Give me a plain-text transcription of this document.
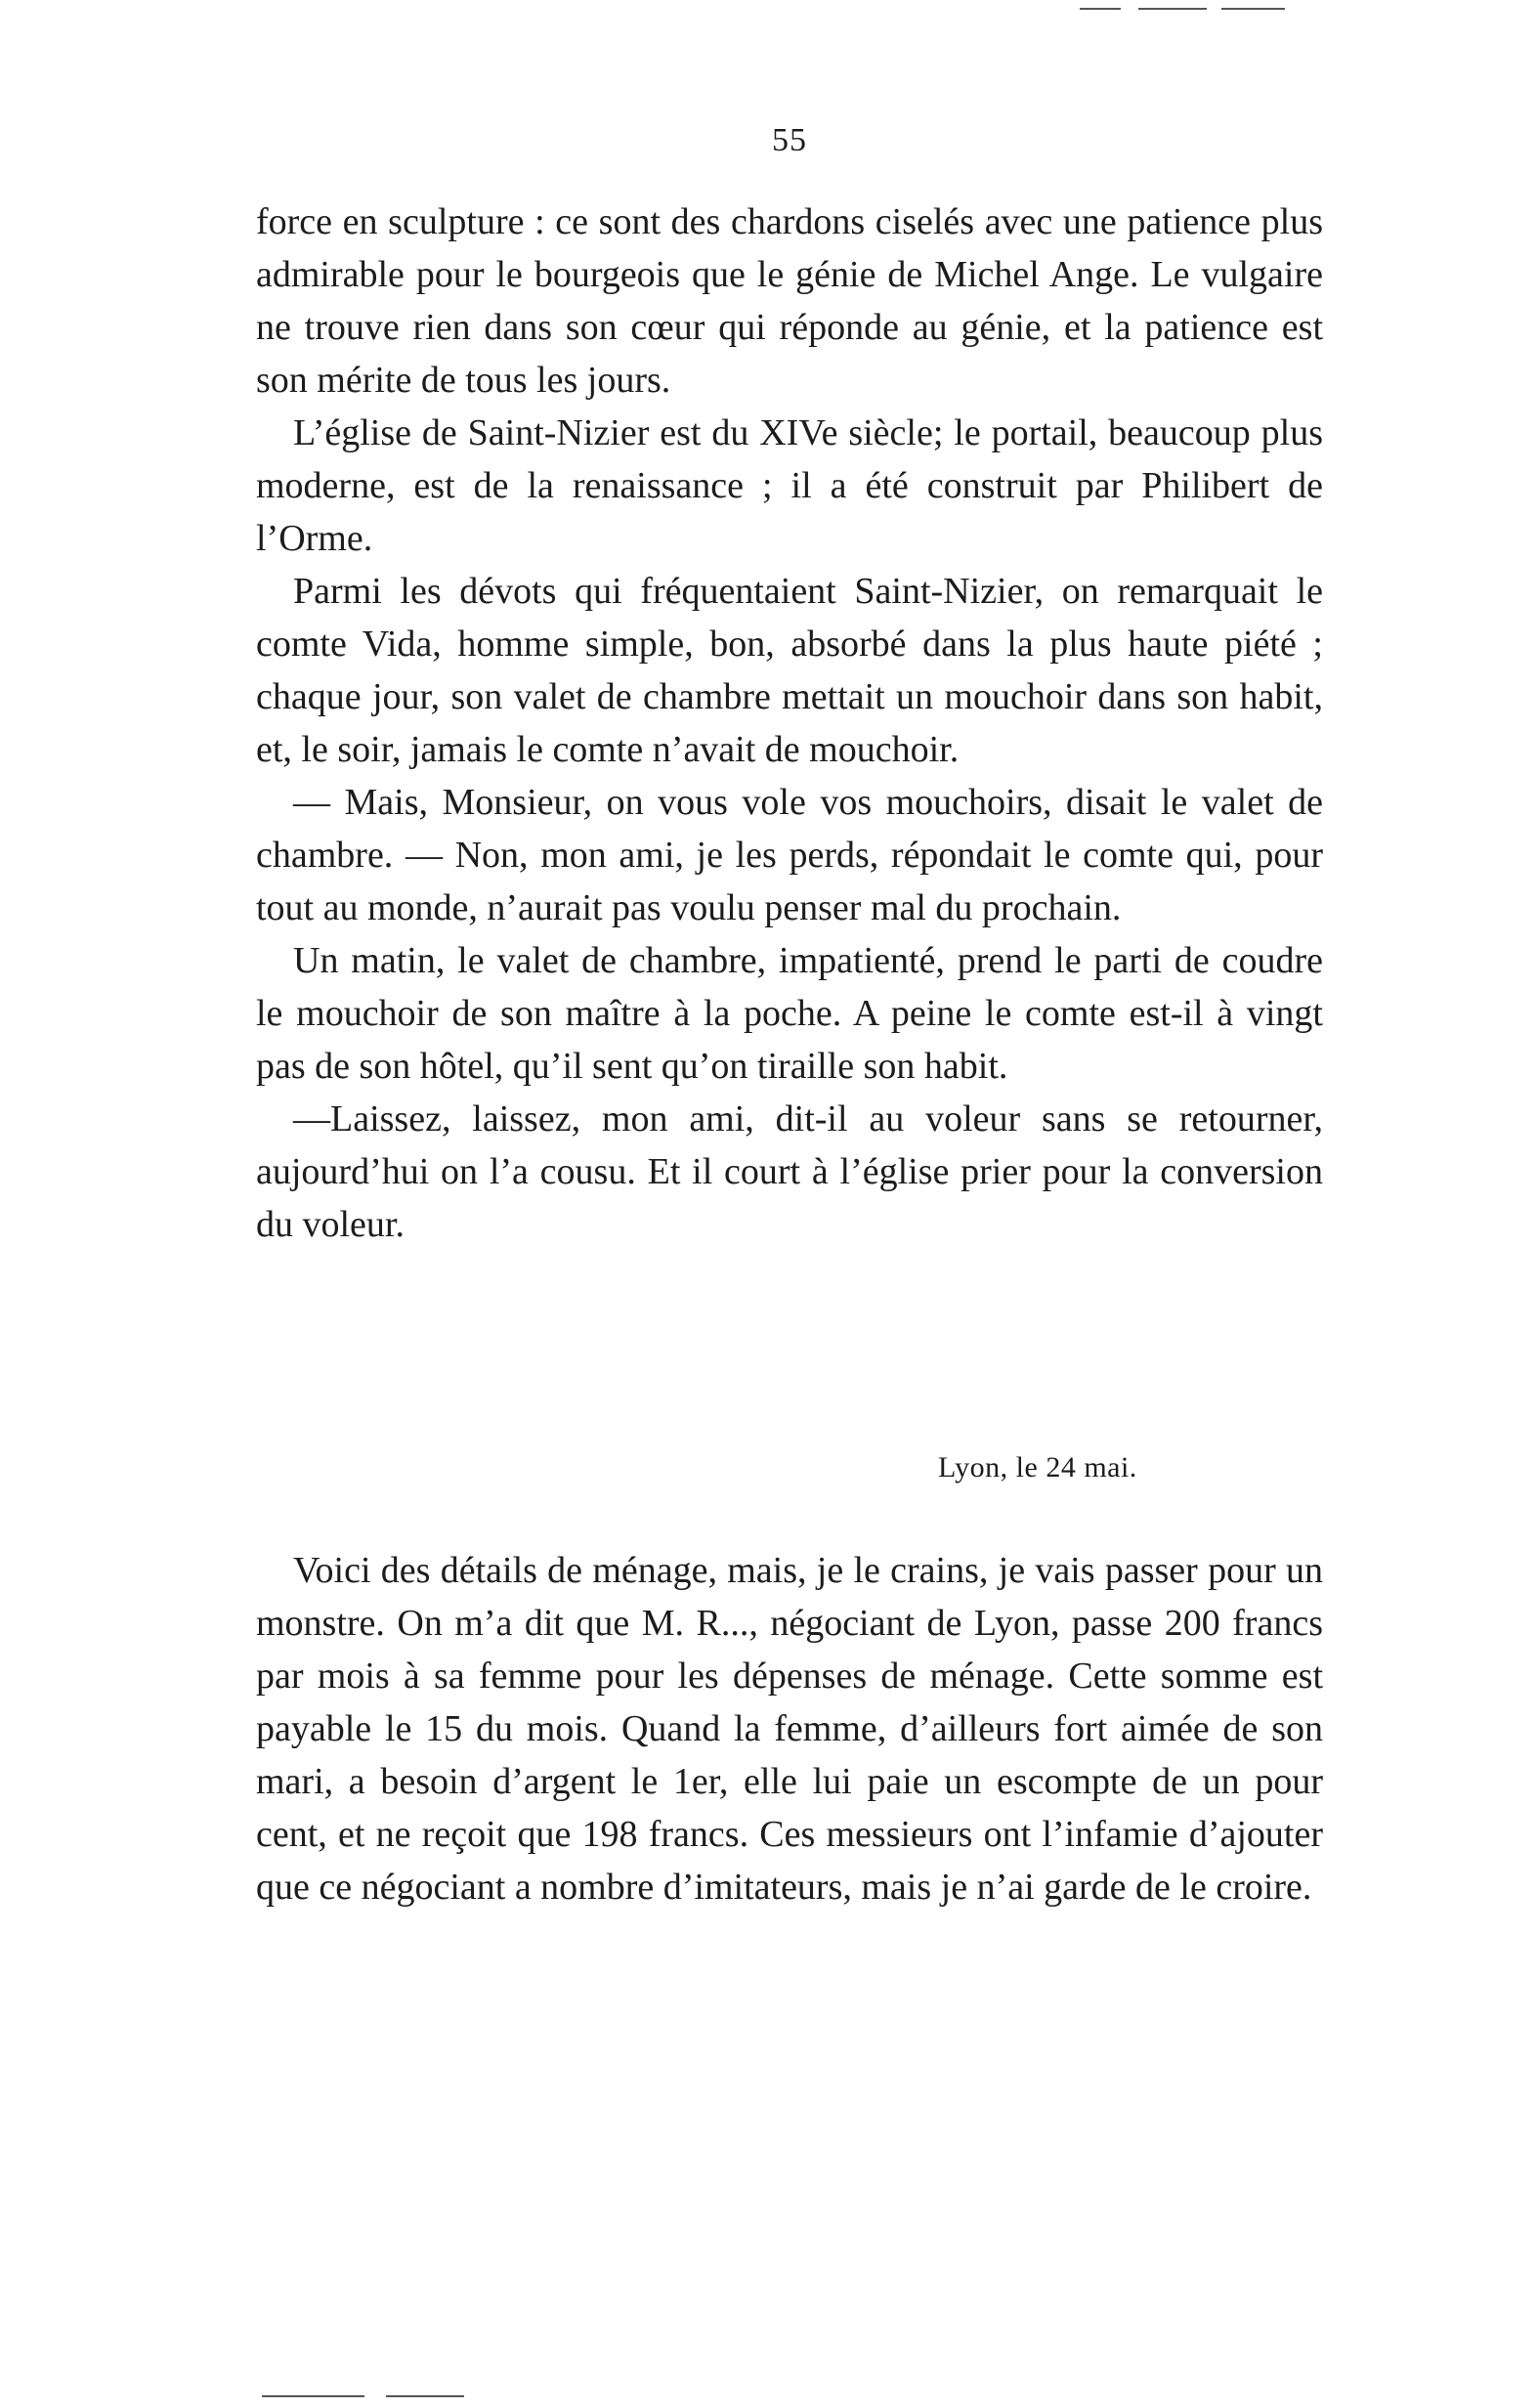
55

force en sculpture : ce sont des chardons ciselés avec une patience plus admirable pour le bourgeois que le génie de Michel Ange. Le vulgaire ne trouve rien dans son cœur qui réponde au génie, et la patience est son mérite de tous les jours.

L’église de Saint-Nizier est du XIVe siècle; le portail, beaucoup plus moderne, est de la renaissance ; il a été construit par Philibert de l’Orme.

Parmi les dévots qui fréquentaient Saint-Nizier, on remarquait le comte Vida, homme simple, bon, absorbé dans la plus haute piété ; chaque jour, son valet de chambre mettait un mouchoir dans son habit, et, le soir, jamais le comte n’avait de mouchoir.

— Mais, Monsieur, on vous vole vos mouchoirs, disait le valet de chambre. — Non, mon ami, je les perds, répondait le comte qui, pour tout au monde, n’aurait pas voulu penser mal du prochain.

Un matin, le valet de chambre, impatienté, prend le parti de coudre le mouchoir de son maître à la poche. A peine le comte est-il à vingt pas de son hôtel, qu’il sent qu’on tiraille son habit.

—Laissez, laissez, mon ami, dit-il au voleur sans se retourner, aujourd’hui on l’a cousu. Et il court à l’église prier pour la conversion du voleur.

Lyon, le 24 mai.

Voici des détails de ménage, mais, je le crains, je vais passer pour un monstre. On m’a dit que M. R..., négociant de Lyon, passe 200 francs par mois à sa femme pour les dépenses de ménage. Cette somme est payable le 15 du mois. Quand la femme, d’ailleurs fort aimée de son mari, a besoin d’argent le 1er, elle lui paie un escompte de un pour cent, et ne reçoit que 198 francs. Ces messieurs ont l’infamie d’ajouter que ce négociant a nombre d’imitateurs, mais je n’ai garde de le croire.
